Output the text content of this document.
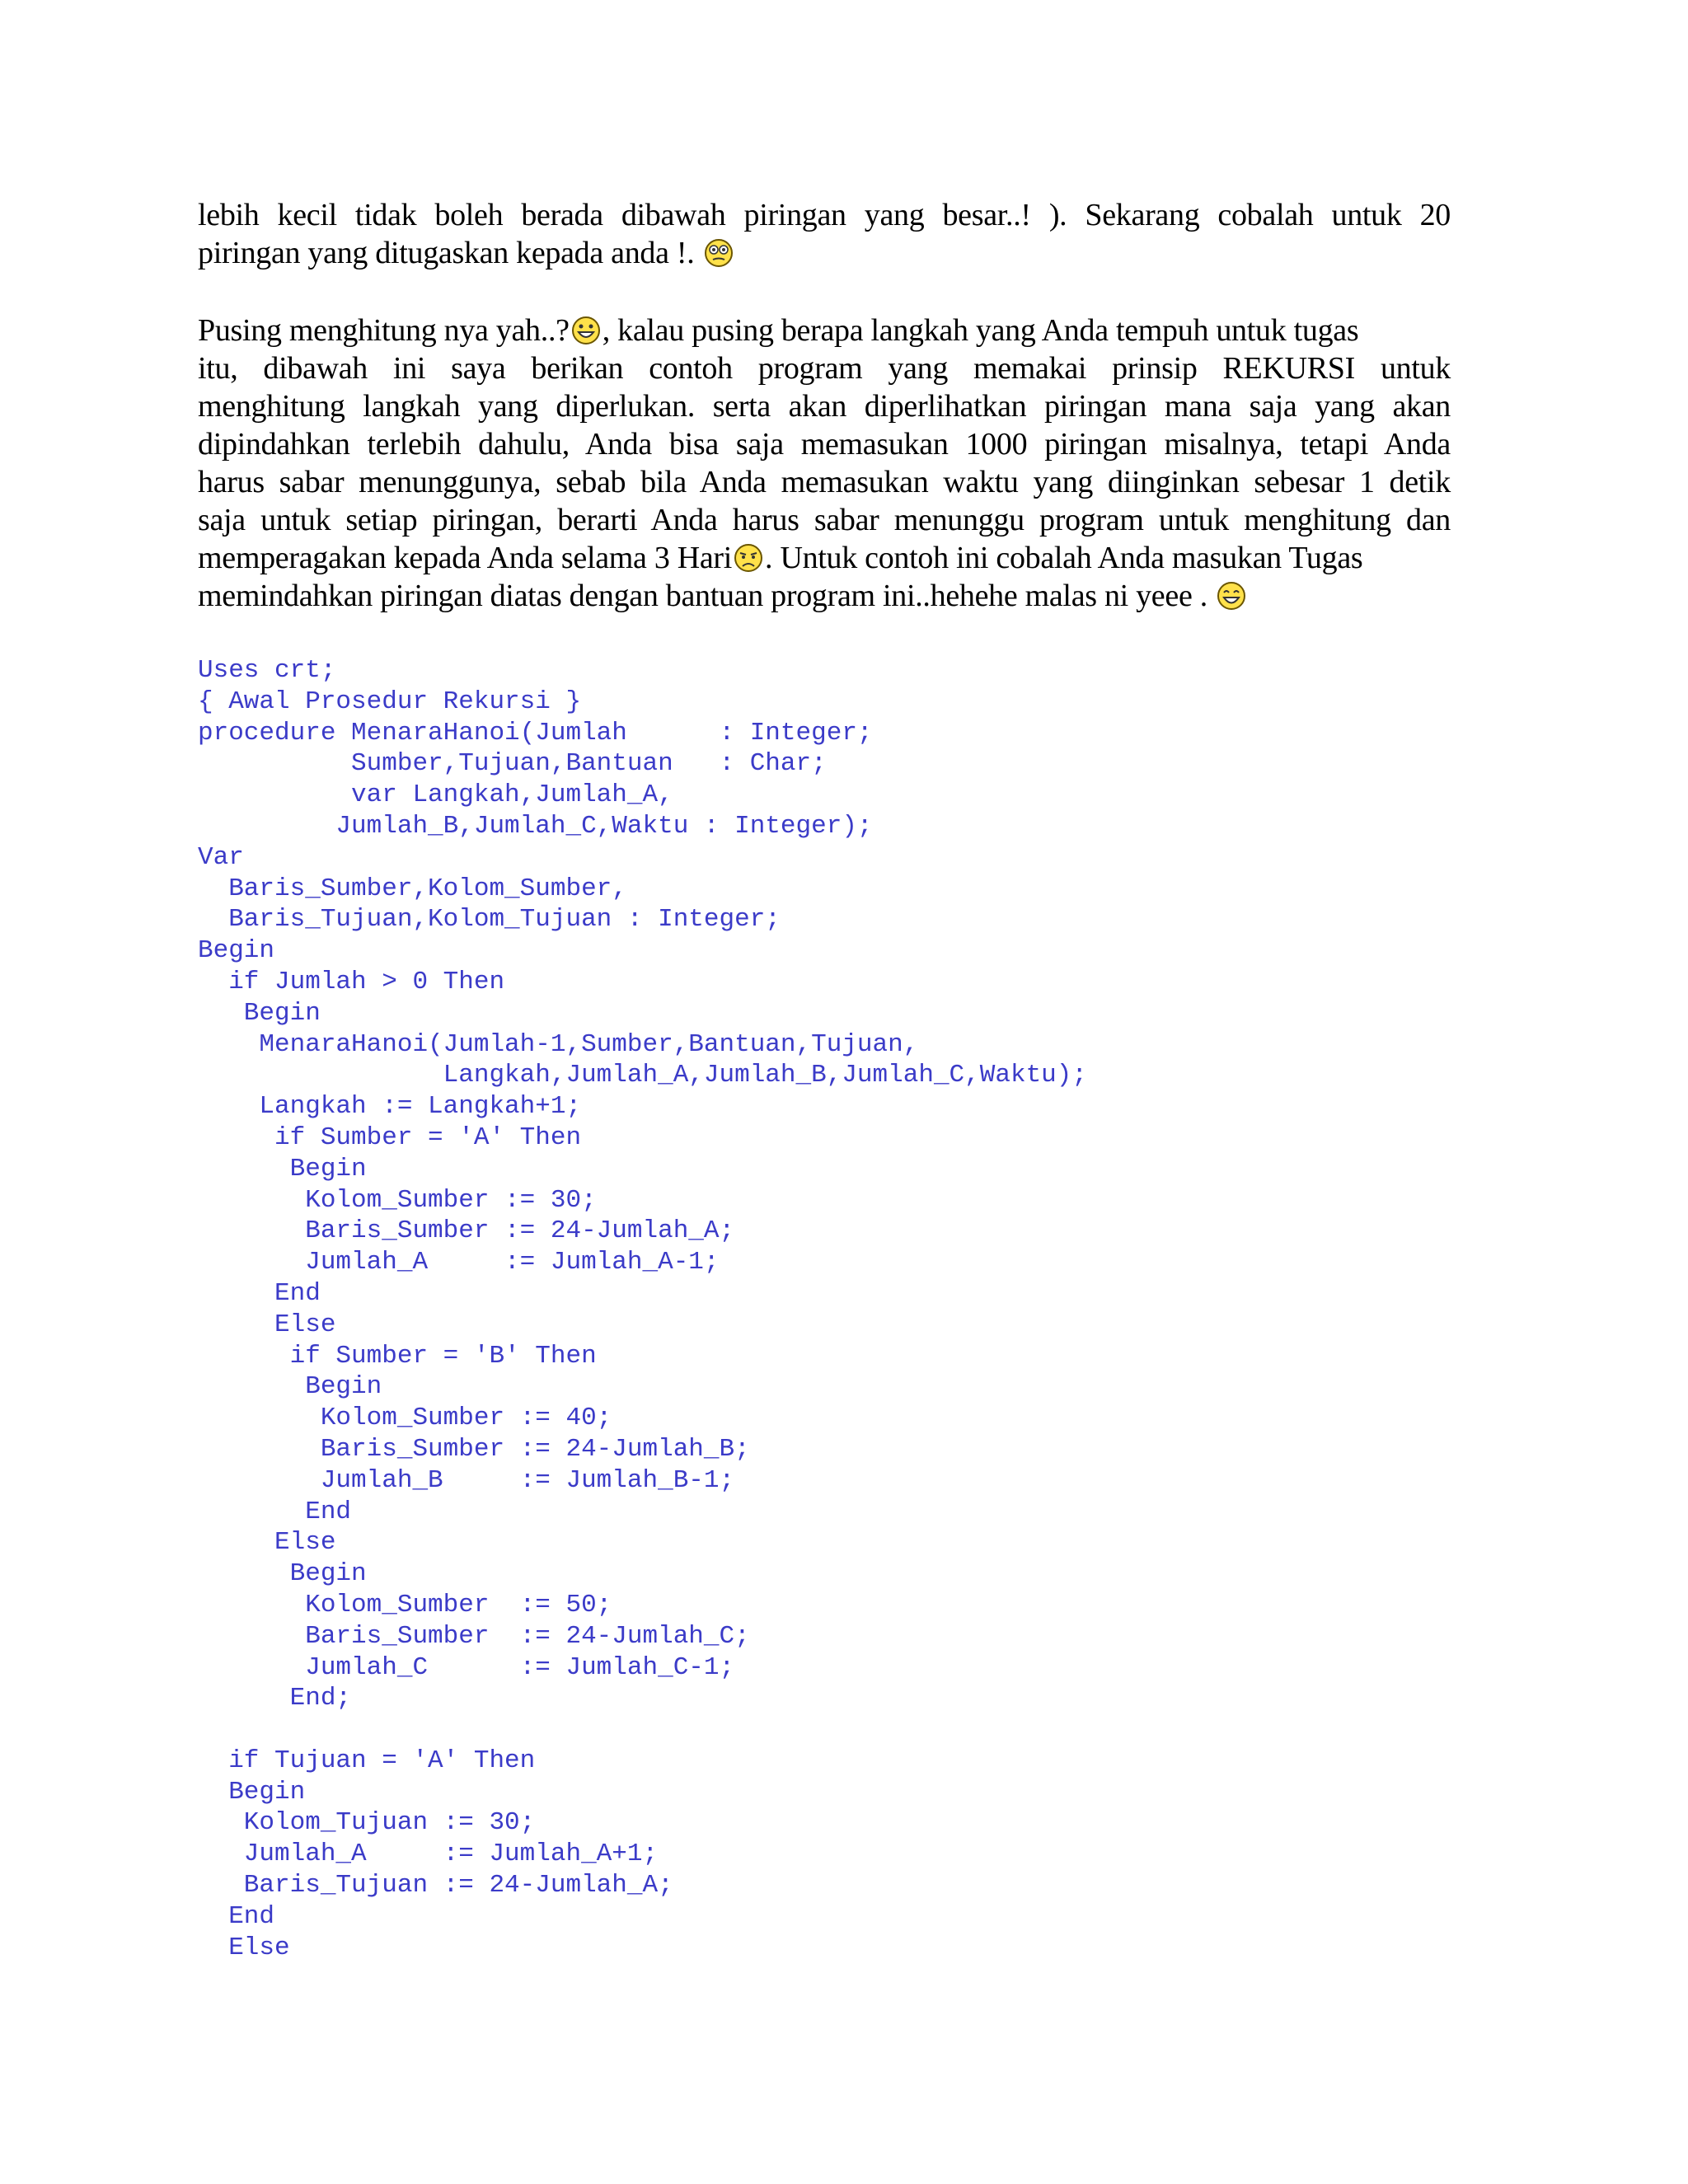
lebih kecil tidak boleh berada dibawah piringan yang besar..! ). Sekarang cobalah untuk 20
piringan yang ditugaskan kepada anda !.
Pusing menghitung nya yah..? , kalau pusing berapa langkah yang Anda tempuh untuk tugas
itu, dibawah ini saya berikan contoh program yang memakai prinsip REKURSI untuk
menghitung langkah yang diperlukan. serta akan diperlihatkan piringan mana saja yang akan
dipindahkan terlebih dahulu, Anda bisa saja memasukan 1000 piringan misalnya, tetapi Anda
harus sabar menunggunya, sebab bila Anda memasukan waktu yang diinginkan sebesar 1 detik
saja untuk setiap piringan, berarti Anda harus sabar menunggu program untuk menghitung dan
memperagakan kepada Anda selama 3 Hari . Untuk contoh ini cobalah Anda masukan Tugas
memindahkan piringan diatas dengan bantuan program ini..hehehe malas ni yeee .
Uses crt;
{ Awal Prosedur Rekursi }
procedure MenaraHanoi(Jumlah      : Integer;
Sumber,Tujuan,Bantuan   : Char;
var Langkah,Jumlah_A,
Jumlah_B,Jumlah_C,Waktu : Integer);
Var
Baris_Sumber,Kolom_Sumber,
Baris_Tujuan,Kolom_Tujuan : Integer;
Begin
if Jumlah > 0 Then
Begin
MenaraHanoi(Jumlah-1,Sumber,Bantuan,Tujuan,
Langkah,Jumlah_A,Jumlah_B,Jumlah_C,Waktu);
Langkah := Langkah+1;
if Sumber = 'A' Then
Begin
Kolom_Sumber := 30;
Baris_Sumber := 24-Jumlah_A;
Jumlah_A     := Jumlah_A-1;
End
Else
if Sumber = 'B' Then
Begin
Kolom_Sumber := 40;
Baris_Sumber := 24-Jumlah_B;
Jumlah_B     := Jumlah_B-1;
End
Else
Begin
Kolom_Sumber  := 50;
Baris_Sumber  := 24-Jumlah_C;
Jumlah_C      := Jumlah_C-1;
End;
if Tujuan = 'A' Then
Begin
Kolom_Tujuan := 30;
Jumlah_A     := Jumlah_A+1;
Baris_Tujuan := 24-Jumlah_A;
End
Else
